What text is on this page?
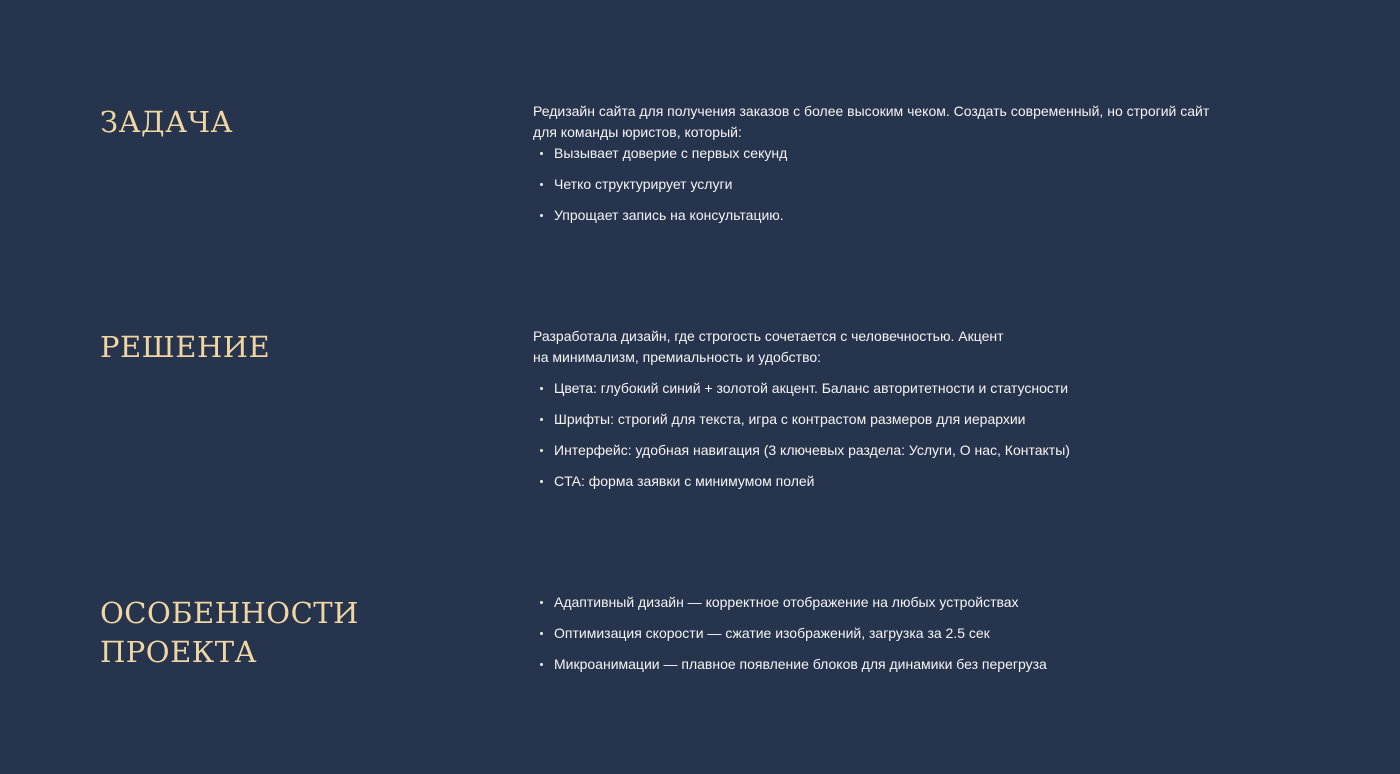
ЗАДАЧА	Редизайн сайта для получения заказов с более высоким чеком. Создать современный, но строгий сайт
для команды юристов, который:

Вызывает доверие с первых секунд
Четко структурирует услуги
Упрощает запись на консультацию.
РЕШЕНИЕ	Разработала дизайн, где строгость сочетается с человечностью. Акцент
на минимализм, премиальность и удобство:

Цвета: глубокий синий + золотой акцент. Баланс авторитетности и статусности
Шрифты: строгий для текста, игра с контрастом размеров для иерархии
Интерфейс: удобная навигация (3 ключевых раздела: Услуги, О нас, Контакты)
CTA: форма заявки с минимумом полей
ОСОБЕННОСТИ
ПРОЕКТА
Адаптивный дизайн — корректное отображение на любых устройствах
Оптимизация скорости — сжатие изображений, загрузка за 2.5 сек
Микроанимации — плавное появление блоков для динамики без перегруза
